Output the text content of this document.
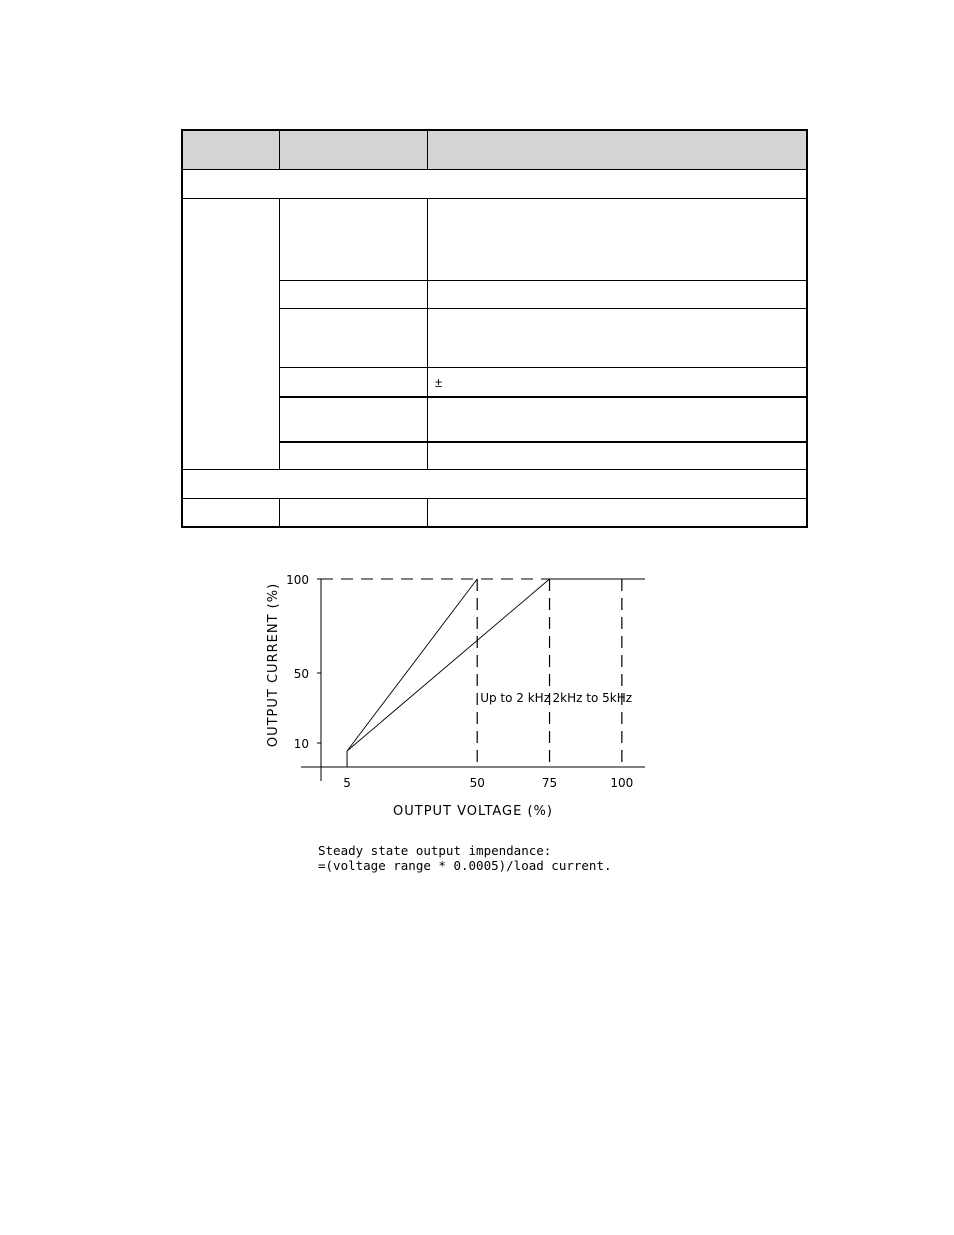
±
10
50
100
5	50	75	100
Up to 2 kHz 2kHz to 5kHz
OUTPUT VOLTAGE (%)
OUTPUT CURRENT (%)
Steady state output impendance:
=(voltage range * 0.0005)/load current.
